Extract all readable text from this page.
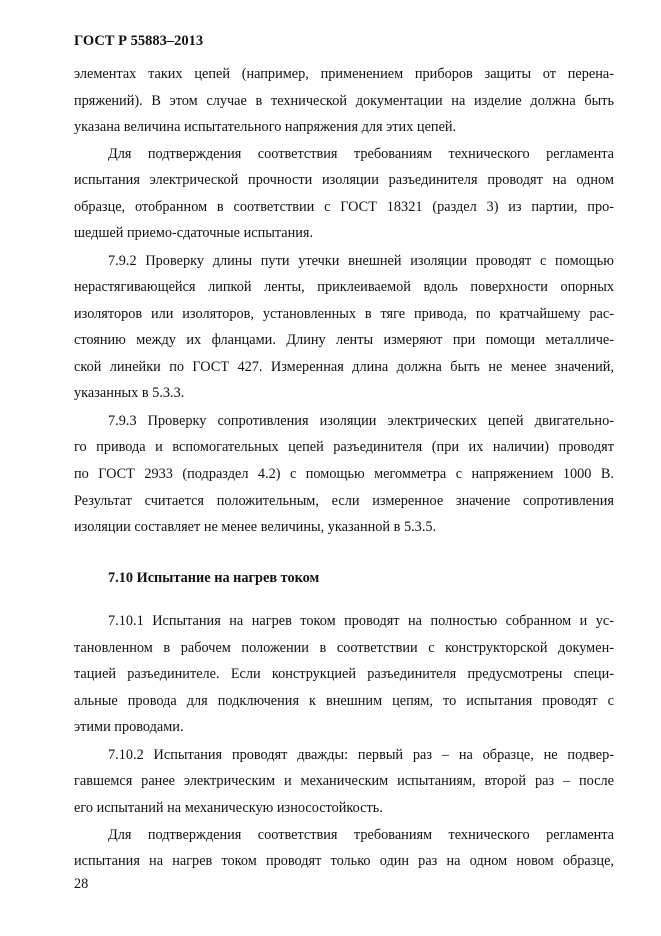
ГОСТ Р 55883–2013
элементах таких цепей (например, применением приборов защиты от перена-
пряжений). В этом случае в технической документации на изделие должна быть
указана величина испытательного напряжения для этих цепей.
Для подтверждения соответствия требованиям технического регламента
испытания электрической прочности изоляции разъединителя проводят на одном
образце, отобранном в соответствии с ГОСТ 18321 (раздел 3) из партии, про-
шедшей приемо-сдаточные испытания.
7.9.2 Проверку длины пути утечки внешней изоляции проводят с помощью
нерастягивающейся липкой ленты, приклеиваемой вдоль поверхности опорных
изоляторов или изоляторов, установленных в тяге привода, по кратчайшему рас-
стоянию между их фланцами. Длину ленты измеряют при помощи металличе-
ской линейки по ГОСТ 427. Измеренная длина должна быть не менее значений,
указанных в 5.3.3.
7.9.3 Проверку сопротивления изоляции электрических цепей двигательно-
го привода и вспомогательных цепей разъединителя (при их наличии) проводят
по ГОСТ 2933 (подраздел 4.2) с помощью мегомметра с напряжением 1000 В.
Результат считается положительным, если измеренное значение сопротивления
изоляции составляет не менее величины, указанной в 5.3.5.
7.10 Испытание на нагрев током
7.10.1 Испытания на нагрев током проводят на полностью собранном и ус-
тановленном в рабочем положении в соответствии с конструкторской докумен-
тацией разъединителе. Если конструкцией разъединителя предусмотрены специ-
альные провода для подключения к внешним цепям, то испытания проводят с
этими проводами.
7.10.2 Испытания проводят дважды: первый раз – на образце, не подвер-
гавшемся ранее электрическим и механическим испытаниям, второй раз – после
его испытаний на механическую износостойкость.
Для подтверждения соответствия требованиям технического регламента
испытания на нагрев током проводят только один раз на одном новом образце,
28
